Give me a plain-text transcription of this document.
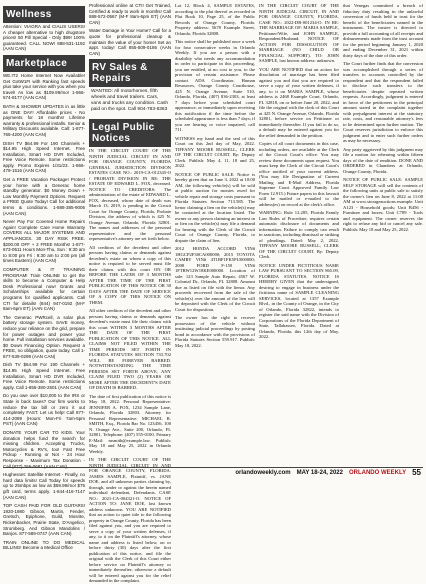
Wellness
Attention: VIAGRA and CIALIS USERS! A cheaper alternative to high drugstore prices! 50 Pill Special - Only $99! 100% guaranteed. CALL NOW! 888-531-1192 (AAN CAN)
Marketplace
WE.IT2 Home Internet Now Available! Get GotW1FI with Ranking fast speeds plus take your service with you when you travel! As low as $109.99/mo! 1-866-574-8177 (AAN CAN)
BATH & SHOWER UPDATES in as little as ONE DAY! Affordable prices - No payments for 18 months! Lifetime warranty & professional installs. Senior & Military Discounts available. Call: 1-877-765-4200 (AAN CAN)
DISH TV $64.99 For 190 Channels + $14.95 High Speed Internet. Free Installation, Smart HD DVR Included, Free Voice Remote. Some restrictions apply. Promo Expires 1/31/23. 1-866-479-1516 (AAN CAN)
Get a FREE Vacation Package! Protect your home with a Generac home standby generator. $0 Money Down + Low Monthly Payment Options. Request a FREE Quote Today! Call for additional terms & conditions. 1-888-385-9006 (AAN CAN)
Never Pay For Covered Home Repairs Again! Complete Care Home Warranty COVERS ALL MAJOR SYSTEMS AND APPLIANCES. 30 DAY RISK FREE. $200.00 OFF + 2 FREE Months! 1-877-673-0511 Hours Mon-Thu, Sun : 9:30 am to 8:00 pm Fri : 9:30 am to 2:00 pm (all times Eastern) (AAN CAN)
COMPUTER & IT TRAINING PROGRAM! Train ONLINE to get the skills to become a Computer & Help Desk Professional now! Grants and Scholarships available for certain programs for qualified applicants. Call CTI for details! (844) 947-0192 (M-F 8am-6pm ET) (AAN CAN)
The Generac PWRcell, a solar plus battery storage system. SAVE money, reduce your reliance on the grid, prepare for power outages and power your home. Full installation services available. $0 Down Financing Option. Request a FREE, no obligation, quote today. Call 1-877-539-0299 (AAN CAN)
Dish TV $64.99 For 190 Channels + $14.95 High Speed Internet. Free Installation, Smart HD DVR Included, Free Voice Remote. Some restrictions apply. Call 1-855-380-2501 (AAN CAN)
Do you owe over $10,000 to the IRS or State in back taxes? Our firm works to reduce the tax bill or zero it out completely FAST. Let us help! Call 877-414-2089 (Hours: Mon-Fri 7am-5pm PST) (AAN CAN)
DONATE YOUR CAR TO KIDS. Your donation helps fund the search for missing children. Accepting Trucks, Motorcycles & RV's, too! Fast Free Pickup - Running or Not - 24 Hour Response - Maximum Tax Donation - Call (877) 266-0681 (AAN CAN)
Hughesnet: Satellite Internet - Finally, no hard data limits! Call Today for speeds up to 25mbps as low as $59.99/mo! $75 gift card, terms apply. 1-844-416-7147 (AAN CAN)
TOP CASH PAID FOR OLD GUITARS! 1920-1980 Gibson, Martin, Fender, Gretsch, Epiphone, Guild, Mosrite, Rickenbacker, Prairie State, D'Angelico, Stromberg. And Gibson Mandolins / Banjos. 877-589-0747 (AAN CAN)
TRAIN ONLINE TO DO MEDICAL BILLING! Become a Medical Office
Professional online at CTI! Get Trained, Certified & ready to work in months! Call 888-572-0567 (M-F 8am-6pm ET) (AAN CAN)
Water Damage in Your Home? Call for a quote for professional cleanup & maintain the value of your home! Set an appt. today! Call 855-509-0186 (AAN CAN)
RV Sales & Repairs
WANTED: All motorhomes, fifth wheels and travel trailers. Cars, vans and trucks any condition. Cash paid on the spot. Call 904-783-8363
Legal Public Notices
IN THE CIRCUIT COURT OF THE NINTH JUDICIAL CIRCUIT IN AND FOR ORANGE COUNTY, FLORIDA GENERAL JURISDICTION DIVISION ESTATES CASE NO.: 2019-CA-012345-O / PROBATE DIVISION IN RE: THE ESTATE OF EDWARD L. FOX, deceased. NOTICE TO CREDITORS: The administration of the estate of EDWARD L. FOX, deceased, whose date of death was March 13, 2019, is pending in the Circuit Court for Orange County, Florida, Probate Division, the address of which is 425 N. Orange Avenue, Orlando, Florida 32801. The names and addresses of the personal representative and the personal representative's attorney are set forth below.
All creditors of the decedent and other persons having claims or demands against decedent's estate on whom a copy of this notice is required to be served must file their claims with this court ON OR BEFORE THE LATER OF 3 MONTHS AFTER THE TIME OF THE FIRST PUBLICATION OF THIS NOTICE OR 30 DAYS AFTER THE DATE OF SERVICE OF A COPY OF THIS NOTICE ON THEM.
All other creditors of the decedent and other persons having claims or demands against decedent's estate must file their claims with this court WITHIN 3 MONTHS AFTER THE DATE OF THE FIRST PUBLICATION OF THIS NOTICE. ALL CLAIMS NOT FILED WITHIN THE TIME PERIODS SET FORTH IN FLORIDA STATUTES SECTION 733.702 WILL BE FOREVER BARRED. NOTWITHSTANDING THE TIME PERIODS SET FORTH ABOVE, ANY CLAIM FILED TWO (2) YEARS OR MORE AFTER THE DECEDENT'S DATE OF DEATH IS BARRED.
The date of first publication of this notice is May 18, 2022. Personal Representative: JENNIFER A. FOX, 1234 Sample Lane, Orlando, Florida 32803. Attorney for Personal Representative: MICHAEL R. SMITH, Esq., Florida Bar No. 123456, 100 N. Orange Ave., Suite 200, Orlando, FL 32801, Telephone: (407) 555-0100, Primary E-Mail: msmith@example.law. Publish: May 18 and May 25, 2022 in Orlando Weekly.
IN THE CIRCUIT COURT OF THE NINTH JUDICIAL CIRCUIT IN AND FOR ORANGE COUNTY, FLORIDA. JAMES SAMPLE, Plaintiff, vs. JANE DOE, and all unknown parties claiming by, through, under or against the herein named individual defendant, Defendants. CASE NO.: 2021-CA-004321-O. NOTICE OF ACTION TO: JANE DOE, last known address unknown. YOU ARE NOTIFIED that an action to quiet title to the following property in Orange County, Florida has been filed against you, and you are required to serve a copy of your written defenses, if any, to it on the Plaintiff's attorney, whose name and address is listed below, on or before thirty (30) days after the first publication of this notice, and file the original with the Clerk of this Court either before service on Plaintiff's attorney or immediately thereafter; otherwise a default will be entered against you for the relief demanded in the complaint.
Lot 12, Block 4, SAMPLE ESTATES, according to the plat thereof as recorded in Plat Book 10, Page 25, of the Public Records of Orange County, Florida. Property address: 5678 Example Street, Orlando, Florida 32808.
This notice shall be published once a week for four consecutive weeks in Orlando Weekly. If you are a person with a disability who needs any accommodation in order to participate in this proceeding, you are entitled, at no cost to you, to the provision of certain assistance. Please contact ADA Coordinator, Human Resources, Orange County Courthouse, 425 N. Orange Avenue, Suite 510, Orlando, Florida, (407) 836-2303, at least 7 days before your scheduled court appearance, or immediately upon receiving this notification if the time before the scheduled appearance is less than 7 days; if you are hearing or voice impaired, call 711.
WITNESS my hand and the seal of this Court on this 2nd day of May, 2022. TIFFANY MOORE RUSSELL, CLERK OF THE CIRCUIT COURT. By: Deputy Clerk. Publish: May 4, 11, 18 and 25, 2022.
NOTICE OF PUBLIC SALE: Notice is hereby given that on June 3, 2022 at 10:00 AM, the following vehicle(s) will be sold at public auction for monies owed for vehicle repair and storage costs pursuant to Florida Statutes Section 713.585. The lienor claiming a lien on the vehicle(s) may be contacted at the location listed. The owner or any person claiming an interest in or lien on the vehicle(s) may file a demand for hearing with the Clerk of the Circuit Court of Orange County, Florida, to dispute the claim of lien.
2012 HONDA ACCORD VIN# 1HGCP2F30CA000000; 2015 TOYOTA CAMRY VIN# 4T1BF1FK5FU000000; 2008 FORD F-150 VIN# 1FTRW12W18KE000000. Location of sale: 123 Sample Auto Repair, 4567 W. Colonial Dr., Orlando, FL 32808. Amount due as listed on file with the lienor. Any proceeds recovered from the sale of the vehicle(s) over the amount of the lien will be deposited with the Clerk of the Circuit Court for disposition.
The owner has the right to recover possession of the vehicle without instituting judicial proceedings by posting bond in accordance with the provisions of Florida Statutes Section 559.917. Publish: May 18, 2022.
IN THE CIRCUIT COURT OF THE NINTH JUDICIAL CIRCUIT, IN AND FOR ORANGE COUNTY, FLORIDA. CASE NO.: 2022-DR-001234-O. IN RE: THE MARRIAGE OF: MARIA SAMPLE, Petitioner/Wife, and JOHN SAMPLE, Respondent/Husband. NOTICE OF ACTION FOR DISSOLUTION OF MARRIAGE (NO CHILD OR FINANCIAL SUPPORT). TO: JOHN SAMPLE, last known address: unknown.
YOU ARE NOTIFIED that an action for dissolution of marriage has been filed against you and that you are required to serve a copy of your written defenses, if any, to it on MARIA SAMPLE, whose address is 2468 Example Court, Orlando, FL 32818, on or before June 20, 2022, and file the original with the clerk of this Court at 425 N. Orange Avenue, Orlando, Florida 32801, before service on Petitioner or immediately thereafter. If you fail to do so, a default may be entered against you for the relief demanded in the petition.
Copies of all court documents in this case, including orders, are available at the Clerk of the Circuit Court's office. You may review these documents upon request. You must keep the Clerk of the Circuit Court's office notified of your current address. (You may file Designation of Current Mailing and E-Mail Address, Florida Supreme Court Approved Family Law Form 12.915.) Future papers in this lawsuit will be mailed or e-mailed to the address(es) on record at the clerk's office.
WARNING: Rule 12.285, Florida Family Law Rules of Procedure, requires certain automatic disclosure of documents and information. Failure to comply can result in sanctions, including dismissal or striking of pleadings. Dated: May 2, 2022. TIFFANY MOORE RUSSELL, CLERK OF THE CIRCUIT COURT. By: Deputy Clerk.
NOTICE UNDER FICTITIOUS NAME LAW PURSUANT TO SECTION 865.09, FLORIDA STATUTES. NOTICE IS HEREBY GIVEN that the undersigned, desiring to engage in business under the fictitious name of SAMPLE CLEANING SERVICES, located at 1357 Example Blvd., in the County of Orange, in the City of Orlando, Florida 32822, intends to register the said name with the Division of Corporations of the Florida Department of State, Tallahassee, Florida. Dated at Orlando, Florida, this 12th day of May, 2022.
that Venegas committed a breach of fiduciary duty resulting in the unlawful conversion of funds held in trust for the benefit of the beneficiaries named in the instrument. The trustee is directed to provide a full accounting of all receipts and disbursements made from the trust account for the period beginning January 1, 2020 and ending December 31, 2021 within thirty days of the date of this order.
The Court further finds that the conversion was accomplished through a series of transfers to accounts controlled by the respondent and that the respondent failed to disclose such transfers to the beneficiaries despite repeated written requests. Accordingly, judgment is entered in favor of the petitioners in the principal amount stated in the complaint together with prejudgment interest at the statutory rate, costs, and reasonable attorney's fees to be determined upon further motion. The Court reserves jurisdiction to enforce this judgment and to enter such further orders as may be necessary.
Any party aggrieved by this judgment may file a motion for rehearing within fifteen days of the date of rendition. DONE AND ORDERED in Chambers at Orlando, Orange County, Florida.
NOTICE OF PUBLIC SALE: SAMPLE SELF STORAGE will sell the contents of the following units at public sale to satisfy the owner's lien on June 8, 2022 at 11:00 AM at www.storageauctions.example. Unit A123 - Household goods; Unit B456 - Furniture and boxes; Unit C789 - Tools and equipment. The owner reserves the right to refuse any bid or cancel any sale. Publish: May 18 and May 25, 2022.
orlandoweekly.com MAY 18-24, 2022 ORLANDO WEEKLY 55
